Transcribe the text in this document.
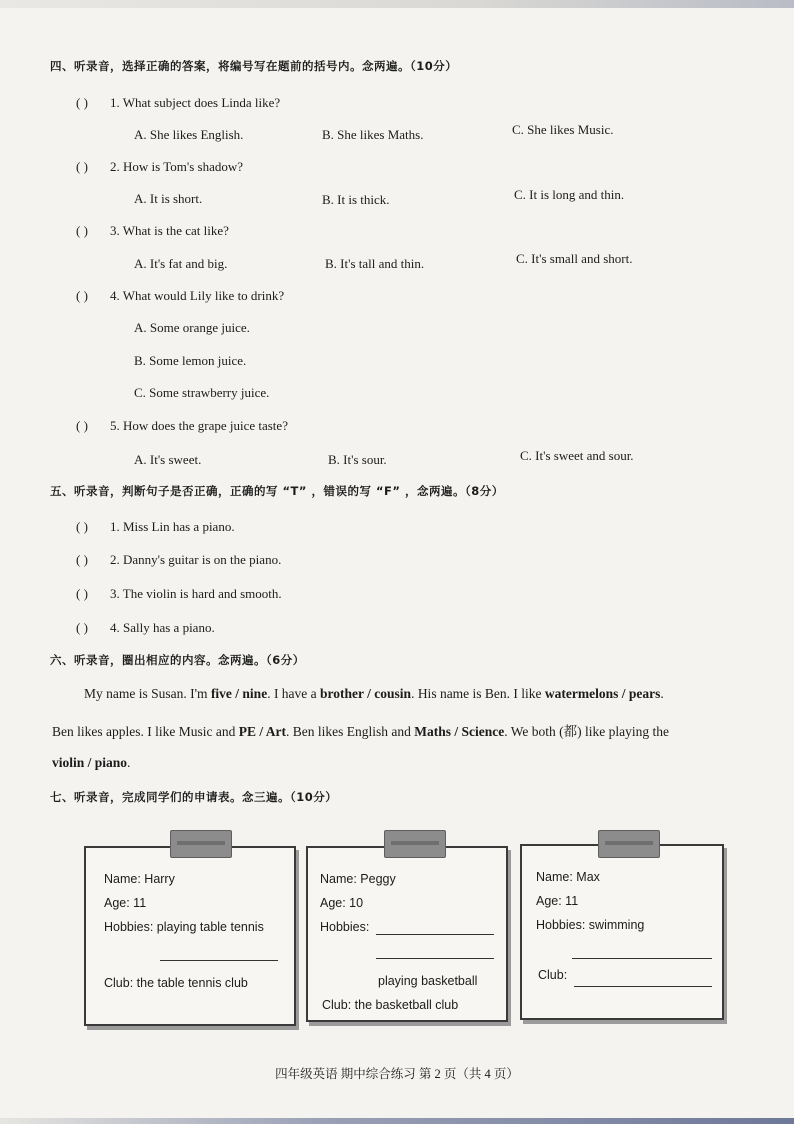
四、听录音，选择正确的答案，将编号写在题前的括号内。念两遍。（10分）
( ) 1. What subject does Linda like?
A. She likes English.	B. She likes Maths.	C. She likes Music.
( ) 2. How is Tom's shadow?
A. It is short.	B. It is thick.	C. It is long and thin.
( ) 3. What is the cat like?
A. It's fat and big.	B. It's tall and thin.	C. It's small and short.
( ) 4. What would Lily like to drink?
A. Some orange juice.
B. Some lemon juice.
C. Some strawberry juice.
( ) 5. How does the grape juice taste?
A. It's sweet.	B. It's sour.	C. It's sweet and sour.
五、听录音，判断句子是否正确，正确的写 “T” ，错误的写 “F” ，念两遍。（8分）
( ) 1. Miss Lin has a piano.
( ) 2. Danny's guitar is on the piano.
( ) 3. The violin is hard and smooth.
( ) 4. Sally has a piano.
六、听录音，圈出相应的内容。念两遍。（6分）
My name is Susan. I'm five / nine. I have a brother / cousin. His name is Ben. I like watermelons / pears.
Ben likes apples. I like Music and PE / Art. Ben likes English and Maths / Science. We both (都) like playing the
violin / piano.
七、听录音，完成同学们的申请表。念三遍。（10分）
Name: Harry
Age: 11
Hobbies: playing table tennis
Club: the table tennis club
Name: Peggy
Age: 10
Hobbies:
playing basketball
Club: the basketball club
Name: Max
Age: 11
Hobbies: swimming
Club:
四年级英语 期中综合练习 第 2 页（共 4 页）
